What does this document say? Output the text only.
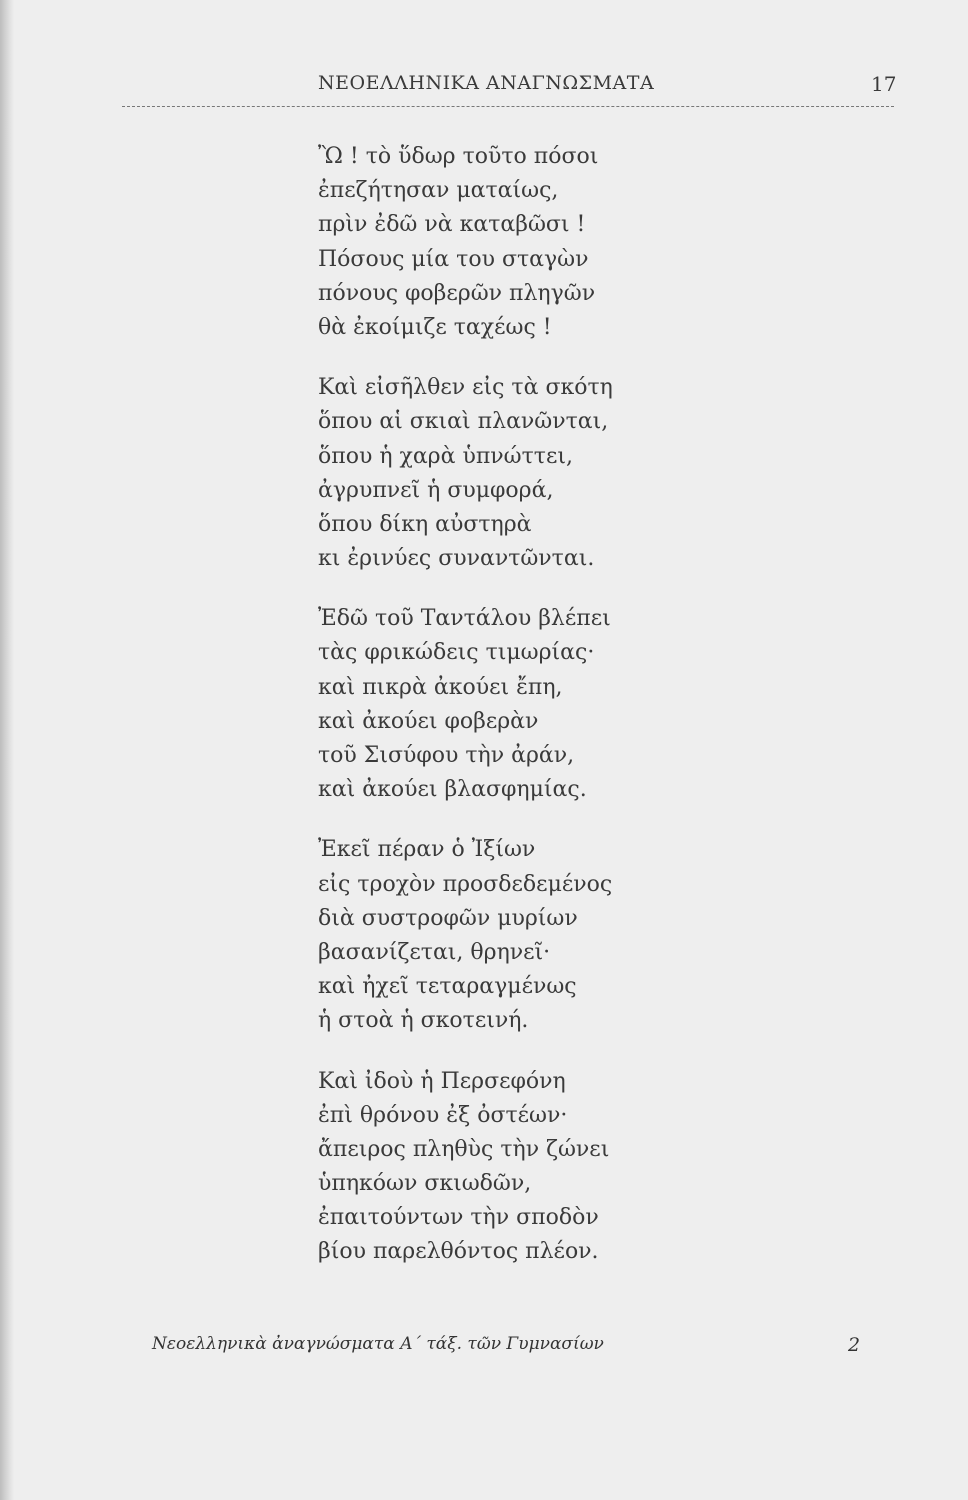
ΝΕΟΕΛΛΗΝΙΚΑ ΑΝΑΓΝΩΣΜΑΤΑ	17
Ὢ ! τὸ ὕδωρ τοῦτο πόσοι
ἐπεζήτησαν ματαίως,
πρὶν ἐδῶ νὰ καταβῶσι !
Πόσους μία του σταγὼν
πόνους φοβερῶν πληγῶν
θὰ ἐκοίμιζε ταχέως !
Καὶ εἰσῆλθεν εἰς τὰ σκότη
ὅπου αἱ σκιαὶ πλανῶνται,
ὅπου ἡ χαρὰ ὑπνώττει,
ἀγρυπνεῖ ἡ συμφορά,
ὅπου δίκη αὐστηρὰ
κι ἐρινύες συναντῶνται.
Ἐδῶ τοῦ Ταντάλου βλέπει
τὰς φρικώδεις τιμωρίας·
καὶ πικρὰ ἀκούει ἔπη,
καὶ ἀκούει φοβερὰν
τοῦ Σισύφου τὴν ἀράν,
καὶ ἀκούει βλασφημίας.
Ἐκεῖ πέραν ὁ Ἰξίων
εἰς τροχὸν προσδεδεμένος
διὰ συστροφῶν μυρίων
βασανίζεται, θρηνεῖ·
καὶ ἠχεῖ τεταραγμένως
ἡ στοὰ ἡ σκοτεινή.
Καὶ ἰδοὺ ἡ Περσεφόνη
ἐπὶ θρόνου ἐξ ὀστέων·
ἄπειρος πληθὺς τὴν ζώνει
ὑπηκόων σκιωδῶν,
ἐπαιτούντων τὴν σποδὸν
βίου παρελθόντος πλέον.
Νεοελληνικὰ ἀναγνώσματα Α΄ τάξ. τῶν Γυμνασίων	2
